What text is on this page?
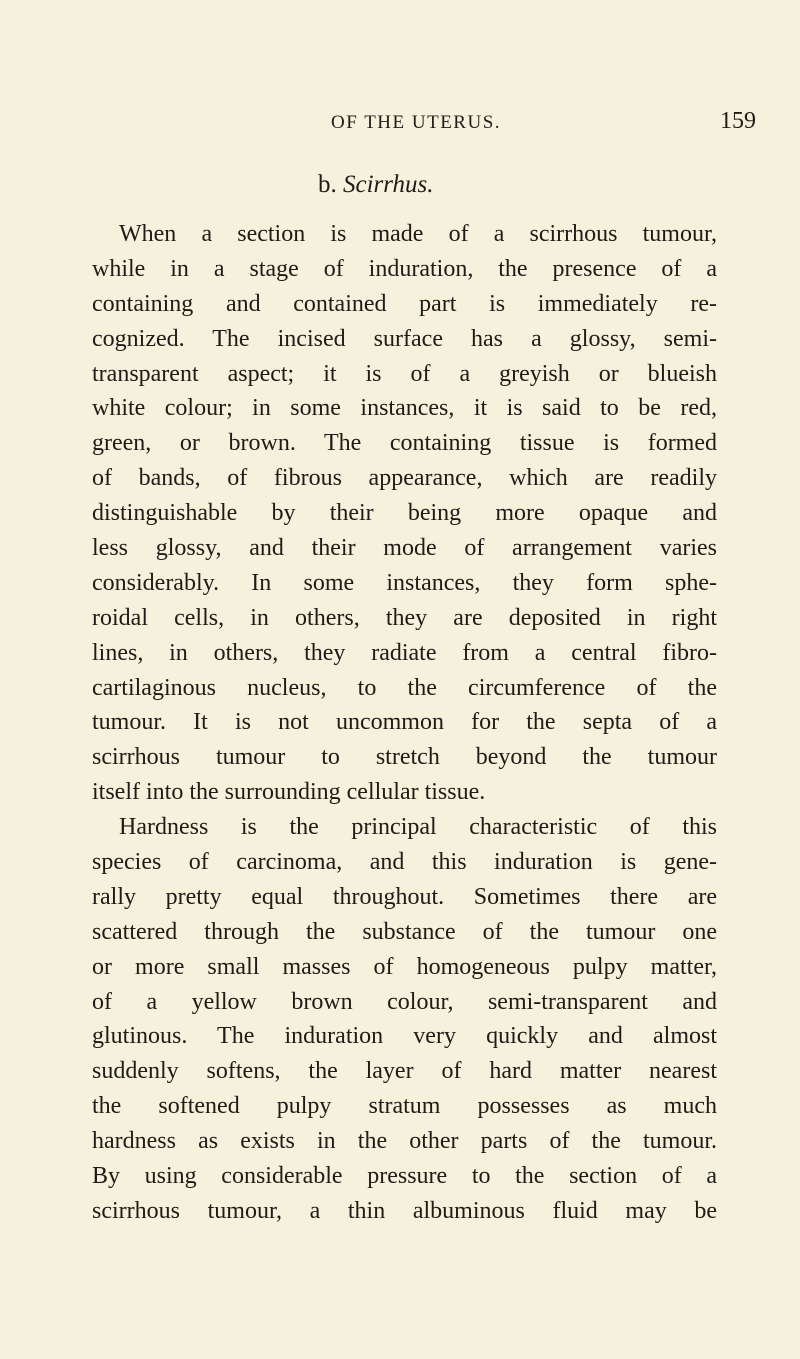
OF THE UTERUS.	159
b. Scirrhus.
When a section is made of a scirrhous tumour,
while in a stage of induration, the presence of a
containing and contained part is immediately re-
cognized. The incised surface has a glossy, semi-
transparent aspect; it is of a greyish or blueish
white colour; in some instances, it is said to be red,
green, or brown. The containing tissue is formed
of bands, of fibrous appearance, which are readily
distinguishable by their being more opaque and
less glossy, and their mode of arrangement varies
considerably. In some instances, they form sphe-
roidal cells, in others, they are deposited in right
lines, in others, they radiate from a central fibro-
cartilaginous nucleus, to the circumference of the
tumour. It is not uncommon for the septa of a
scirrhous tumour to stretch beyond the tumour
itself into the surrounding cellular tissue.
Hardness is the principal characteristic of this
species of carcinoma, and this induration is gene-
rally pretty equal throughout. Sometimes there are
scattered through the substance of the tumour one
or more small masses of homogeneous pulpy matter,
of a yellow brown colour, semi-transparent and
glutinous. The induration very quickly and almost
suddenly softens, the layer of hard matter nearest
the softened pulpy stratum possesses as much
hardness as exists in the other parts of the tumour.
By using considerable pressure to the section of a
scirrhous tumour, a thin albuminous fluid may be
